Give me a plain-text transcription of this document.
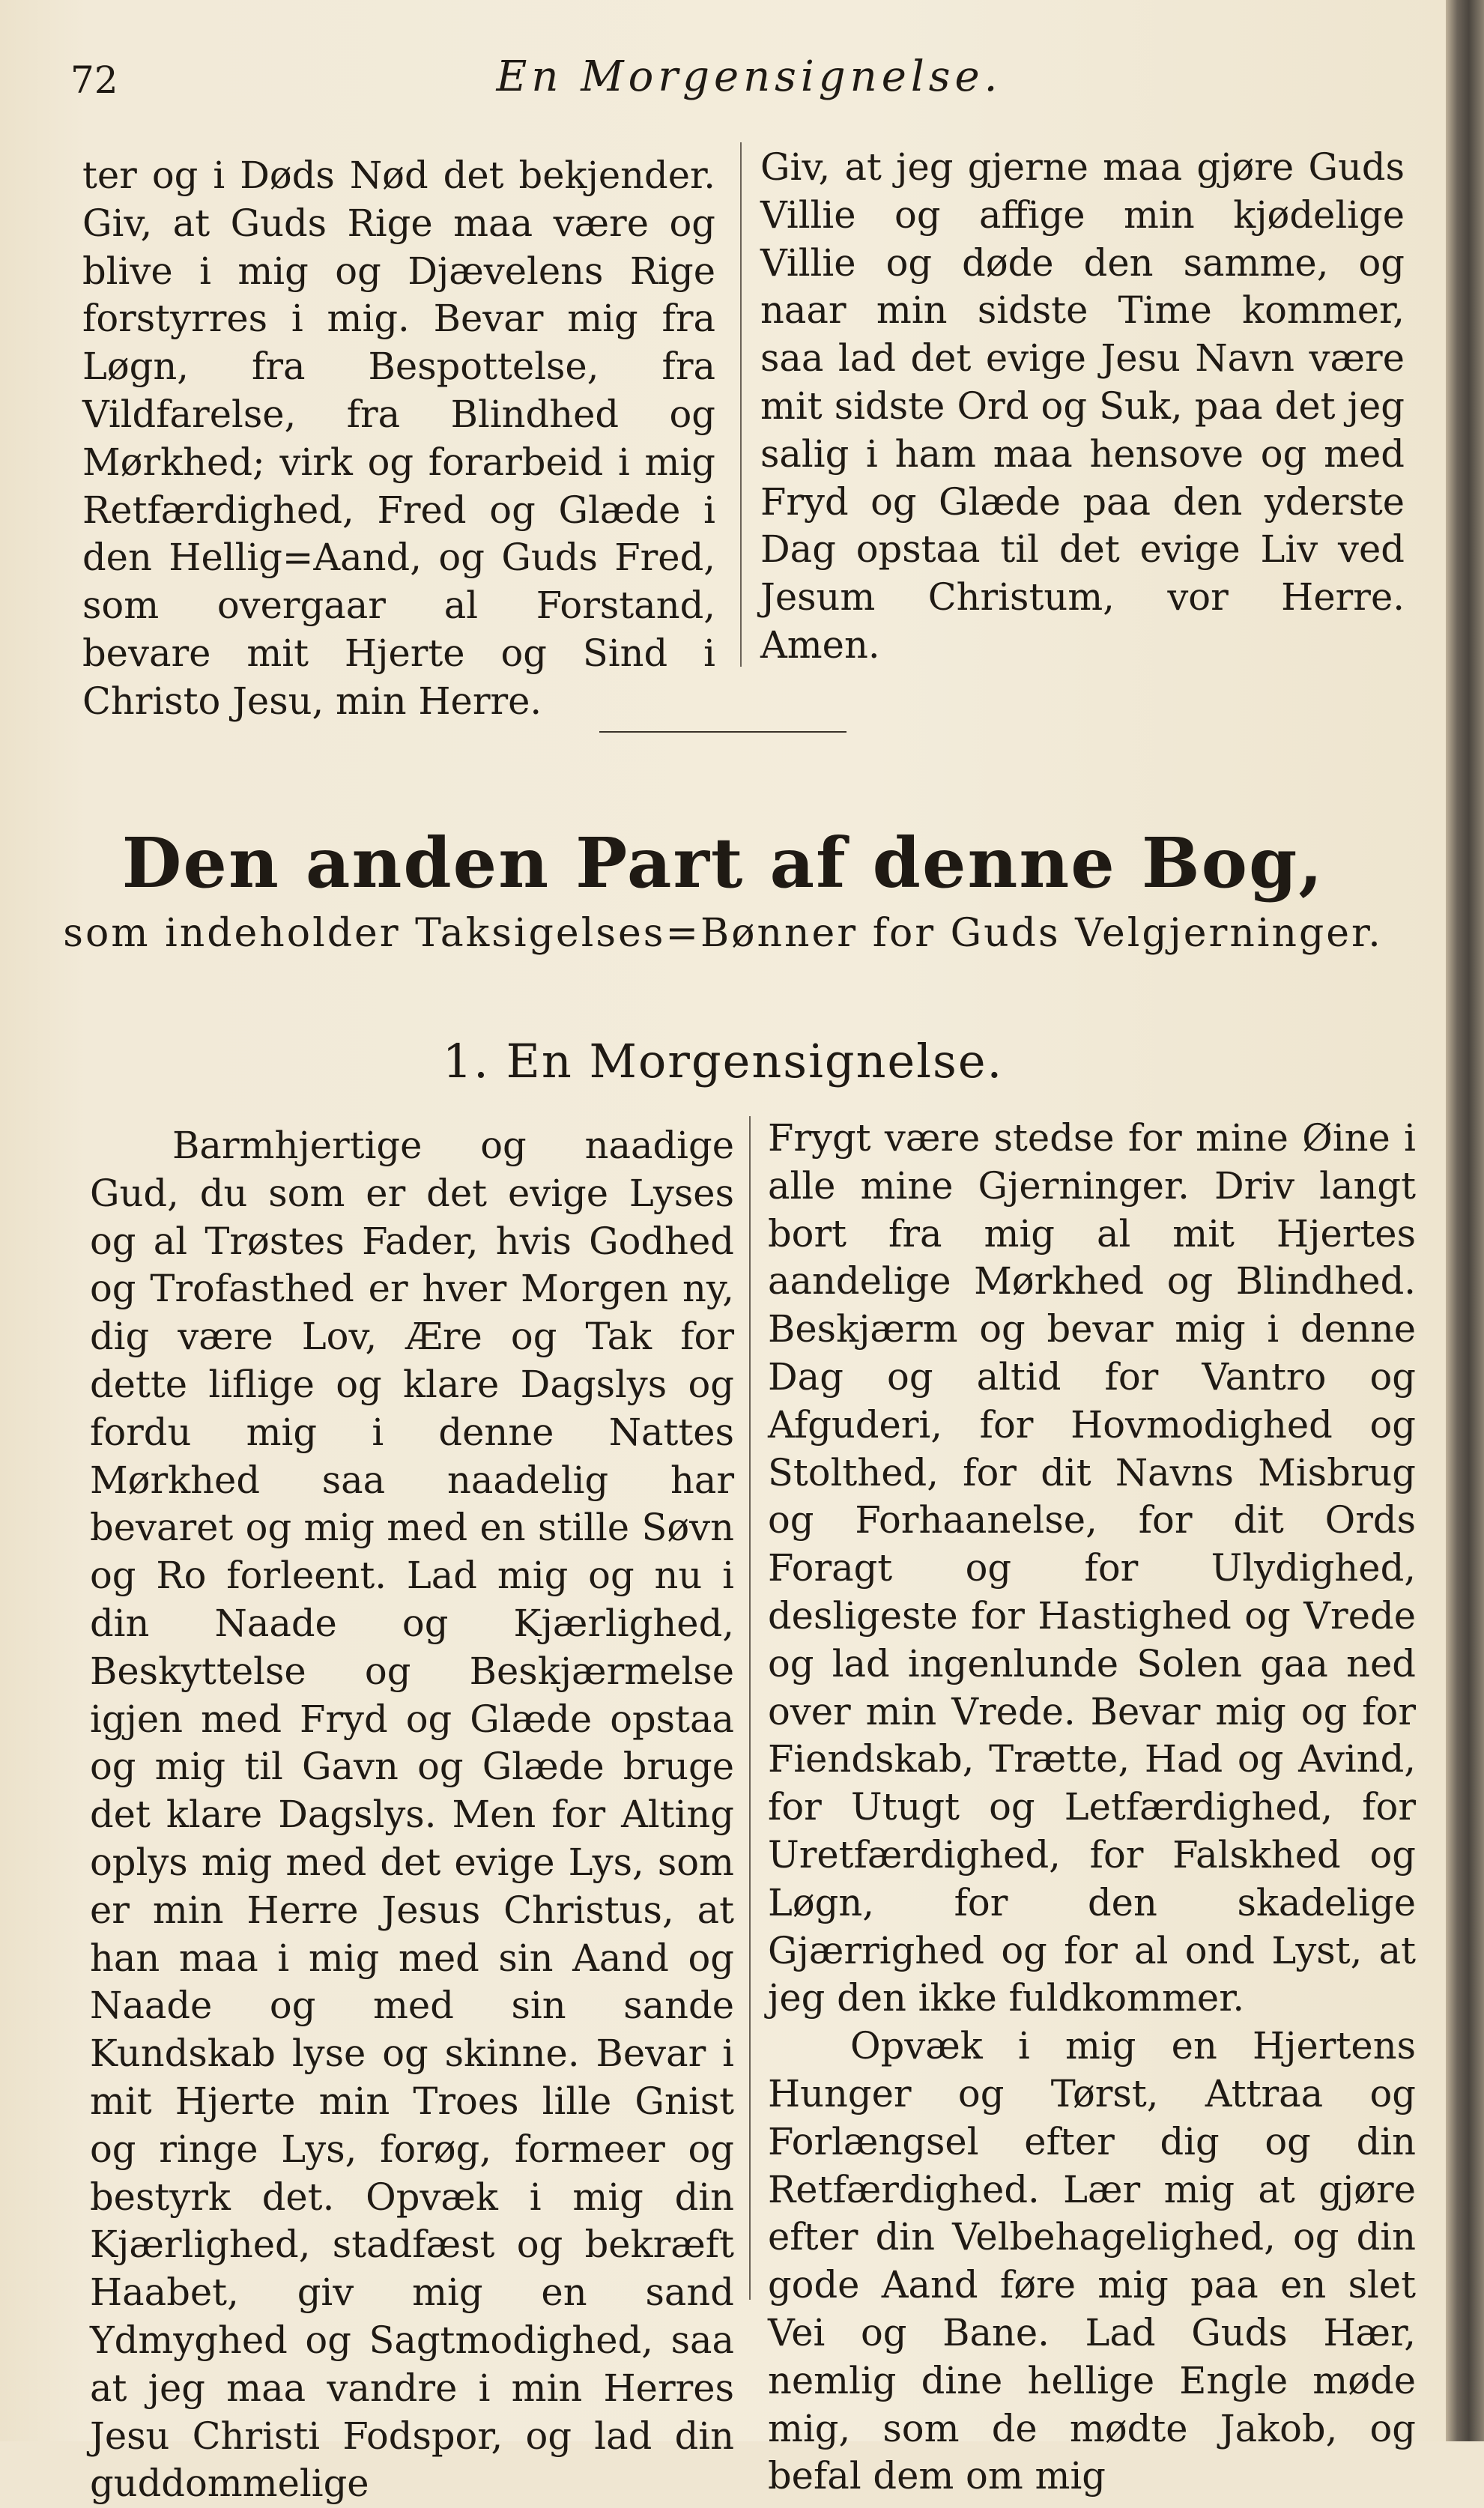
72	En Morgensignelse.

ter og i Døds Nød det bekjender. Giv, at Guds Rige maa være og blive i mig og Djævelens Rige forstyrres i mig. Bevar mig fra Løgn, fra Bespottelse, fra Vildfarelse, fra Blindhed og Mørkhed; virk og forarbeid i mig Retfærdighed, Fred og Glæde i den Hellig=Aand, og Guds Fred, som overgaar al Forstand, bevare mit Hjerte og Sind i Christo Jesu, min Herre.

Giv, at jeg gjerne maa gjøre Guds Villie og affige min kjødelige Villie og døde den samme, og naar min sidste Time kommer, saa lad det evige Jesu Navn være mit sidste Ord og Suk, paa det jeg salig i ham maa hensove og med Fryd og Glæde paa den yderste Dag opstaa til det evige Liv ved Jesum Christum, vor Herre. Amen.

Den anden Part af denne Bog,
som indeholder Taksigelses=Bønner for Guds Velgjerninger.
1. En Morgensignelse.

Barmhjertige og naadige Gud, du som er det evige Lyses og al Trøstes Fader, hvis Godhed og Trofasthed er hver Morgen ny, dig være Lov, Ære og Tak for dette liflige og klare Dagslys og fordu mig i denne Nattes Mørkhed saa naadelig har bevaret og mig med en stille Søvn og Ro forleent. Lad mig og nu i din Naade og Kjærlighed, Beskyttelse og Beskjærmelse igjen med Fryd og Glæde opstaa og mig til Gavn og Glæde bruge det klare Dagslys. Men for Alting oplys mig med det evige Lys, som er min Herre Jesus Christus, at han maa i mig med sin Aand og Naade og med sin sande Kundskab lyse og skinne. Bevar i mit Hjerte min Troes lille Gnist og ringe Lys, forøg, formeer og bestyrk det. Opvæk i mig din Kjærlighed, stadfæst og bekræft Haabet, giv mig en sand Ydmyghed og Sagtmodighed, saa at jeg maa vandre i min Herres Jesu Christi Fodspor, og lad din guddommelige

Frygt være stedse for mine Øine i alle mine Gjerninger. Driv langt bort fra mig al mit Hjertes aandelige Mørkhed og Blindhed. Beskjærm og bevar mig i denne Dag og altid for Vantro og Afguderi, for Hovmodighed og Stolthed, for dit Navns Misbrug og Forhaanelse, for dit Ords Foragt og for Ulydighed, desligeste for Hastighed og Vrede og lad ingenlunde Solen gaa ned over min Vrede. Bevar mig og for Fiendskab, Trætte, Had og Avind, for Utugt og Letfærdighed, for Uretfærdighed, for Falskhed og Løgn, for den skadelige Gjærrighed og for al ond Lyst, at jeg den ikke fuldkommer.

Opvæk i mig en Hjertens Hunger og Tørst, Attraa og Forlængsel efter dig og din Retfærdighed. Lær mig at gjøre efter din Velbehagelighed, og din gode Aand føre mig paa en slet Vei og Bane. Lad Guds Hær, nemlig dine hellige Engle møde mig, som de mødte Jakob, og befal dem om mig
